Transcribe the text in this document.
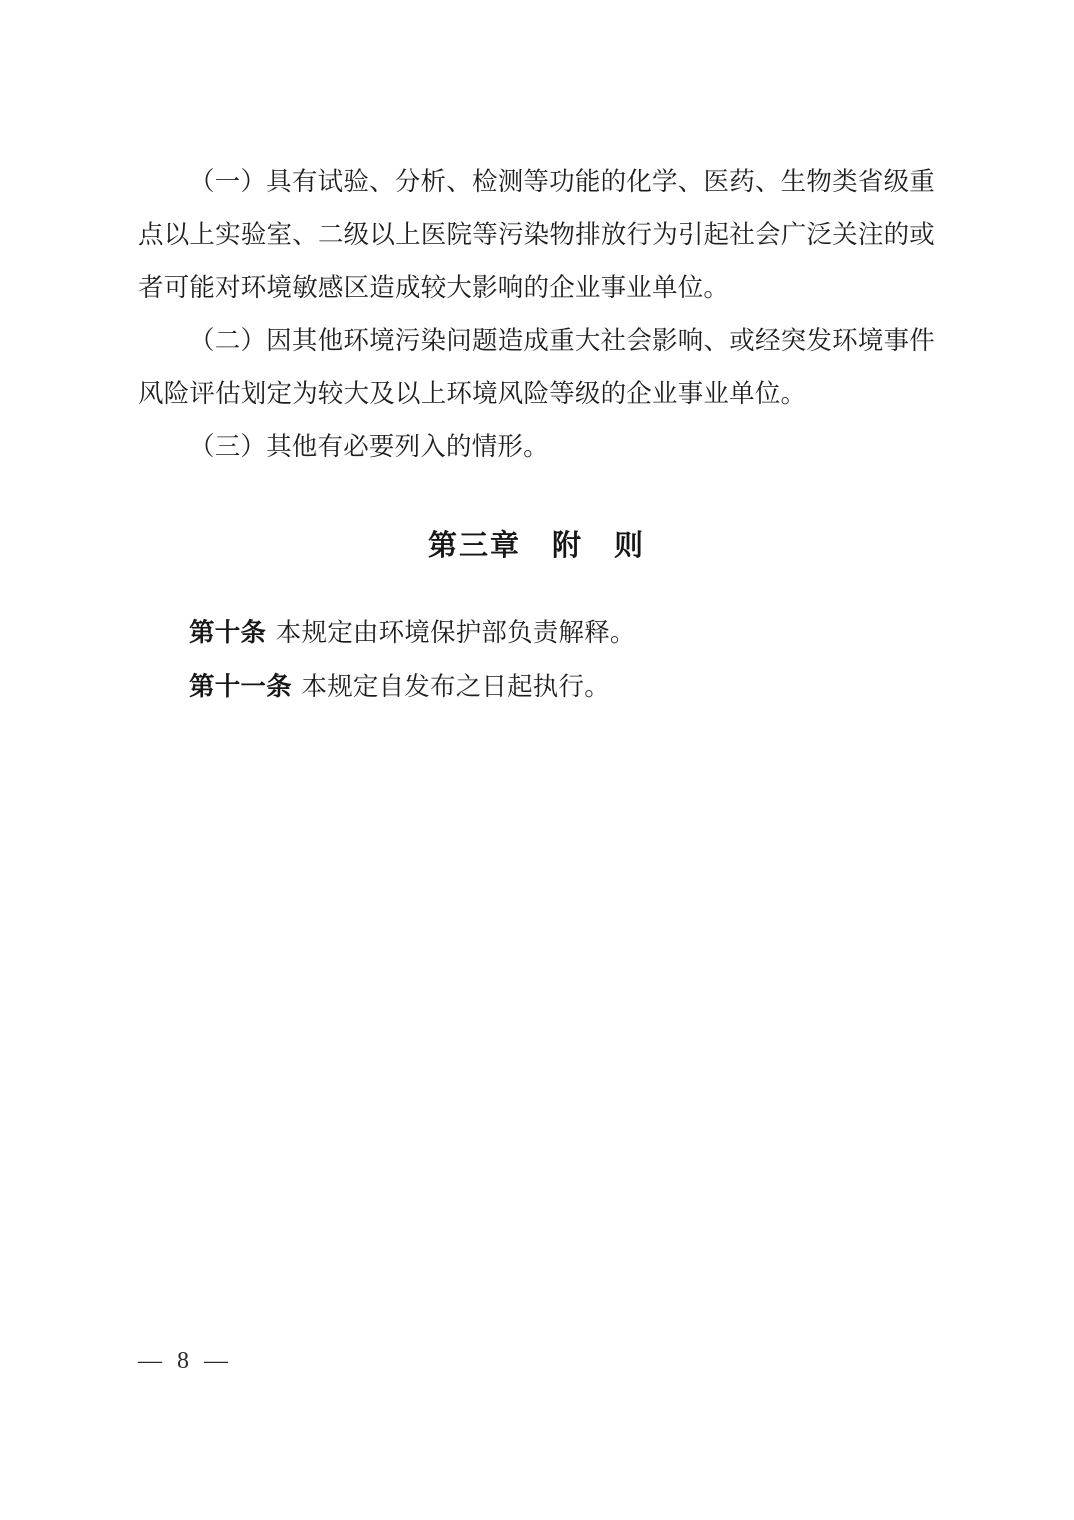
（一）具有试验、分析、检测等功能的化学、医药、生物类省级重点以上实验室、二级以上医院等污染物排放行为引起社会广泛关注的或者可能对环境敏感区造成较大影响的企业事业单位。

（二）因其他环境污染问题造成重大社会影响、或经突发环境事件风险评估划定为较大及以上环境风险等级的企业事业单位。

（三）其他有必要列入的情形。

第三章　附　则

第十条 本规定由环境保护部负责解释。

第十一条 本规定自发布之日起执行。

— 8 —
